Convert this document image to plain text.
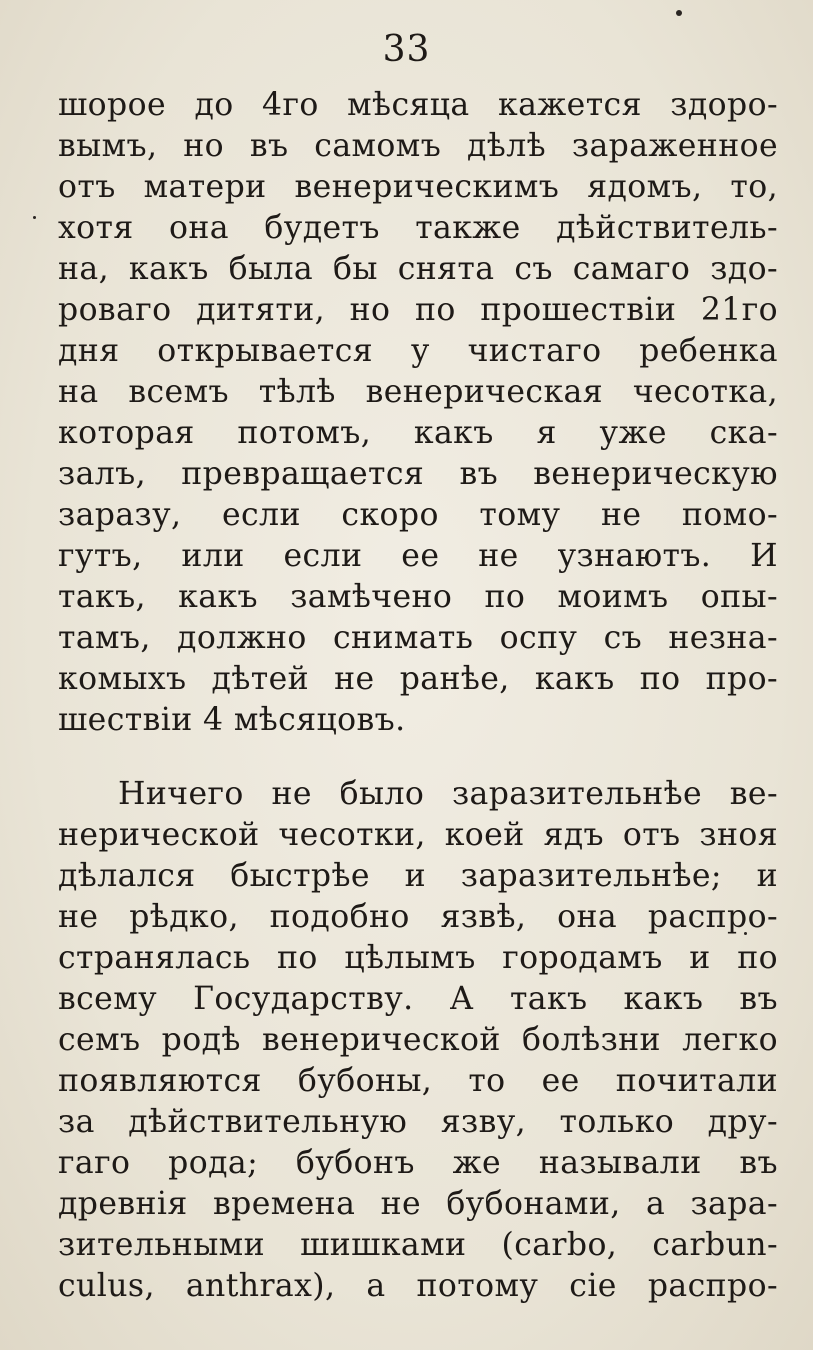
33
шорое до 4го мѣсяца кажется здоро-
вымъ, но въ самомъ дѣлѣ зараженное
отъ матери венерическимъ ядомъ, то,
хотя она будетъ также дѣйствитель-
на, какъ была бы снята съ самаго здо-
роваго дитяти, но по прошествіи 21го
дня открывается у чистаго ребенка
на всемъ тѣлѣ венерическая чесотка,
которая потомъ, какъ я уже ска-
залъ, превращается въ венерическую
заразу, если скоро тому не помо-
гутъ, или если ее не узнаютъ. И
такъ, какъ замѣчено по моимъ опы-
тамъ, должно снимать оспу съ незна-
комыхъ дѣтей не ранѣе, какъ по про-
шествіи 4 мѣсяцовъ.
Ничего не было заразительнѣе ве-
нерической чесотки, коей ядъ отъ зноя
дѣлался быстрѣе и заразительнѣе; и
не рѣдко, подобно язвѣ, она распро-
странялась по цѣлымъ городамъ и по
всему Государству. А такъ какъ въ
семъ родѣ венерической болѣзни легко
появляются бубоны, то ее почитали
за дѣйствительную язву, только дру-
гаго рода; бубонъ же называли въ
древнія времена не бубонами, а зара-
зительными шишками (carbo, carbun-
culus, anthrax), а потому сіе распро-
